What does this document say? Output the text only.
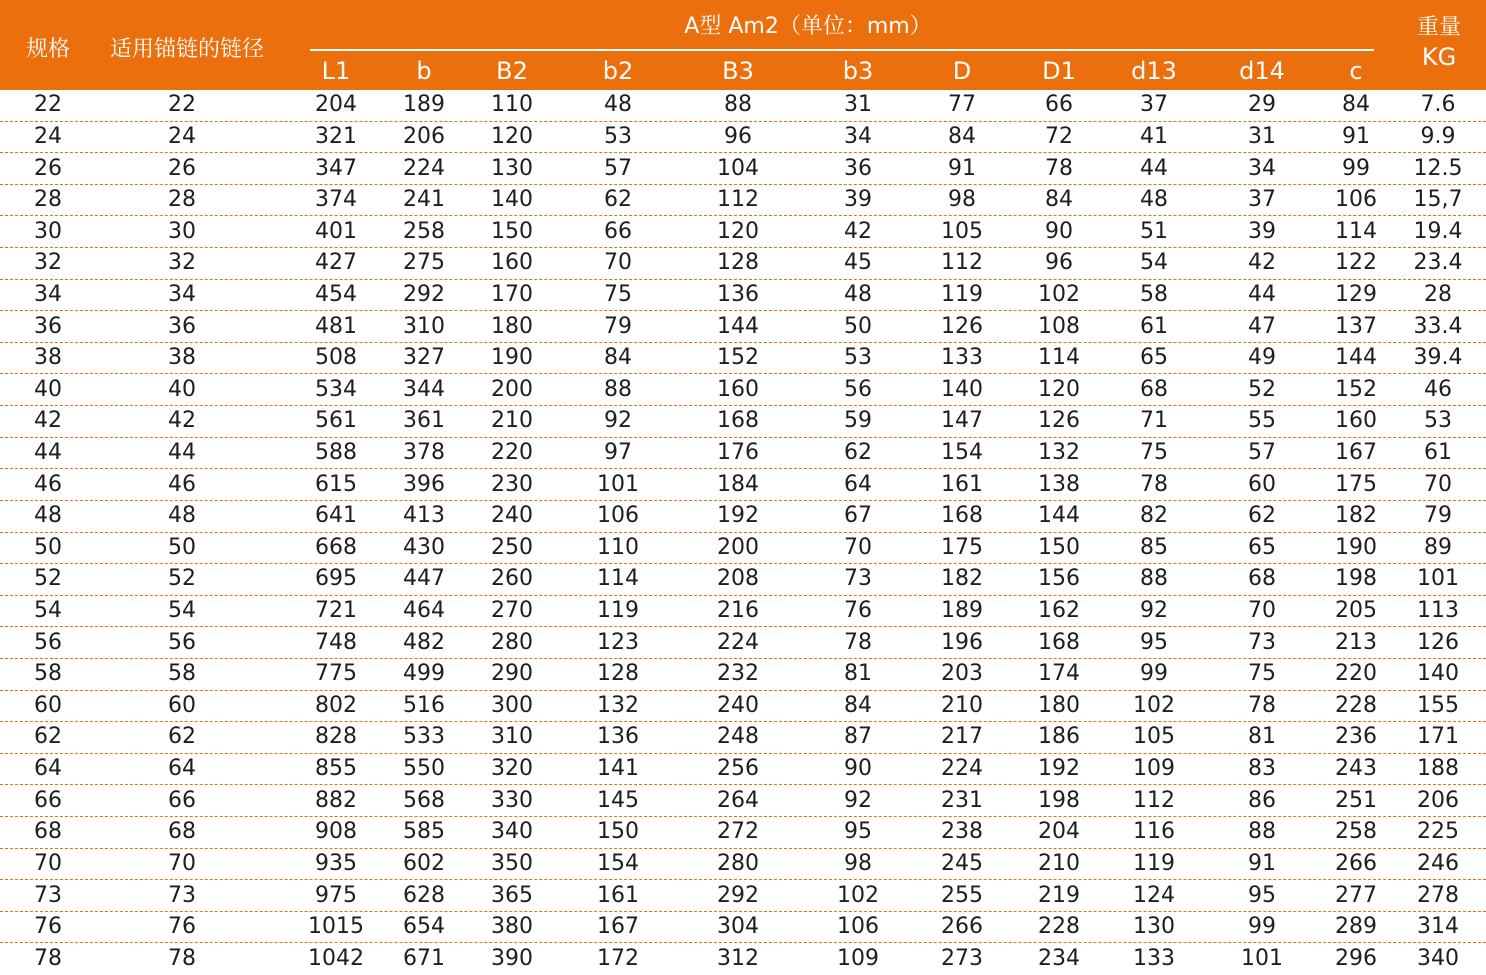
规格 适用锚链的链径
A型 Am2（单位：mm）	重量
KG
L1	b	B2	b2	B3	b3	D	D1 d13	d14	c
22	22	204	189	110	48	88	31	77	66	37	29	84	7.6
24	24	321	206	120	53	96	34	84	72	41	31	91	9.9
26	26	347	224	130	57	104	36	91	78	44	34	99	12.5
28	28	374	241	140	62	112	39	98	84	48	37	106	15,7
30	30	401	258	150	66	120	42	105	90	51	39	114	19.4
32	32	427	275	160	70	128	45	112	96	54	42	122	23.4
34	34	454	292	170	75	136	48	119	102	58	44	129	28
36	36	481	310	180	79	144	50	126	108	61	47	137	33.4
38	38	508	327	190	84	152	53	133	114	65	49	144	39.4
40	40	534	344	200	88	160	56	140	120	68	52	152	46
42	42	561	361	210	92	168	59	147	126	71	55	160	53
44	44	588	378	220	97	176	62	154	132	75	57	167	61
46	46	615	396	230	101	184	64	161	138	78	60	175	70
48	48	641	413	240	106	192	67	168	144	82	62	182	79
50	50	668	430	250	110	200	70	175	150	85	65	190	89
52	52	695	447	260	114	208	73	182	156	88	68	198	101
54	54	721	464	270	119	216	76	189	162	92	70	205	113
56	56	748	482	280	123	224	78	196	168	95	73	213	126
58	58	775	499	290	128	232	81	203	174	99	75	220	140
60	60	802	516	300	132	240	84	210	180	102	78	228	155
62	62	828	533	310	136	248	87	217	186	105	81	236	171
64	64	855	550	320	141	256	90	224	192	109	83	243	188
66	66	882	568	330	145	264	92	231	198	112	86	251	206
68	68	908	585	340	150	272	95	238	204	116	88	258	225
70	70	935	602	350	154	280	98	245	210	119	91	266	246
73	73	975	628	365	161	292	102	255	219	124	95	277	278
76	76	1015	654	380	167	304	106	266	228	130	99	289	314
78	78	1042	671	390	172	312	109	273	234	133	101	296	340
